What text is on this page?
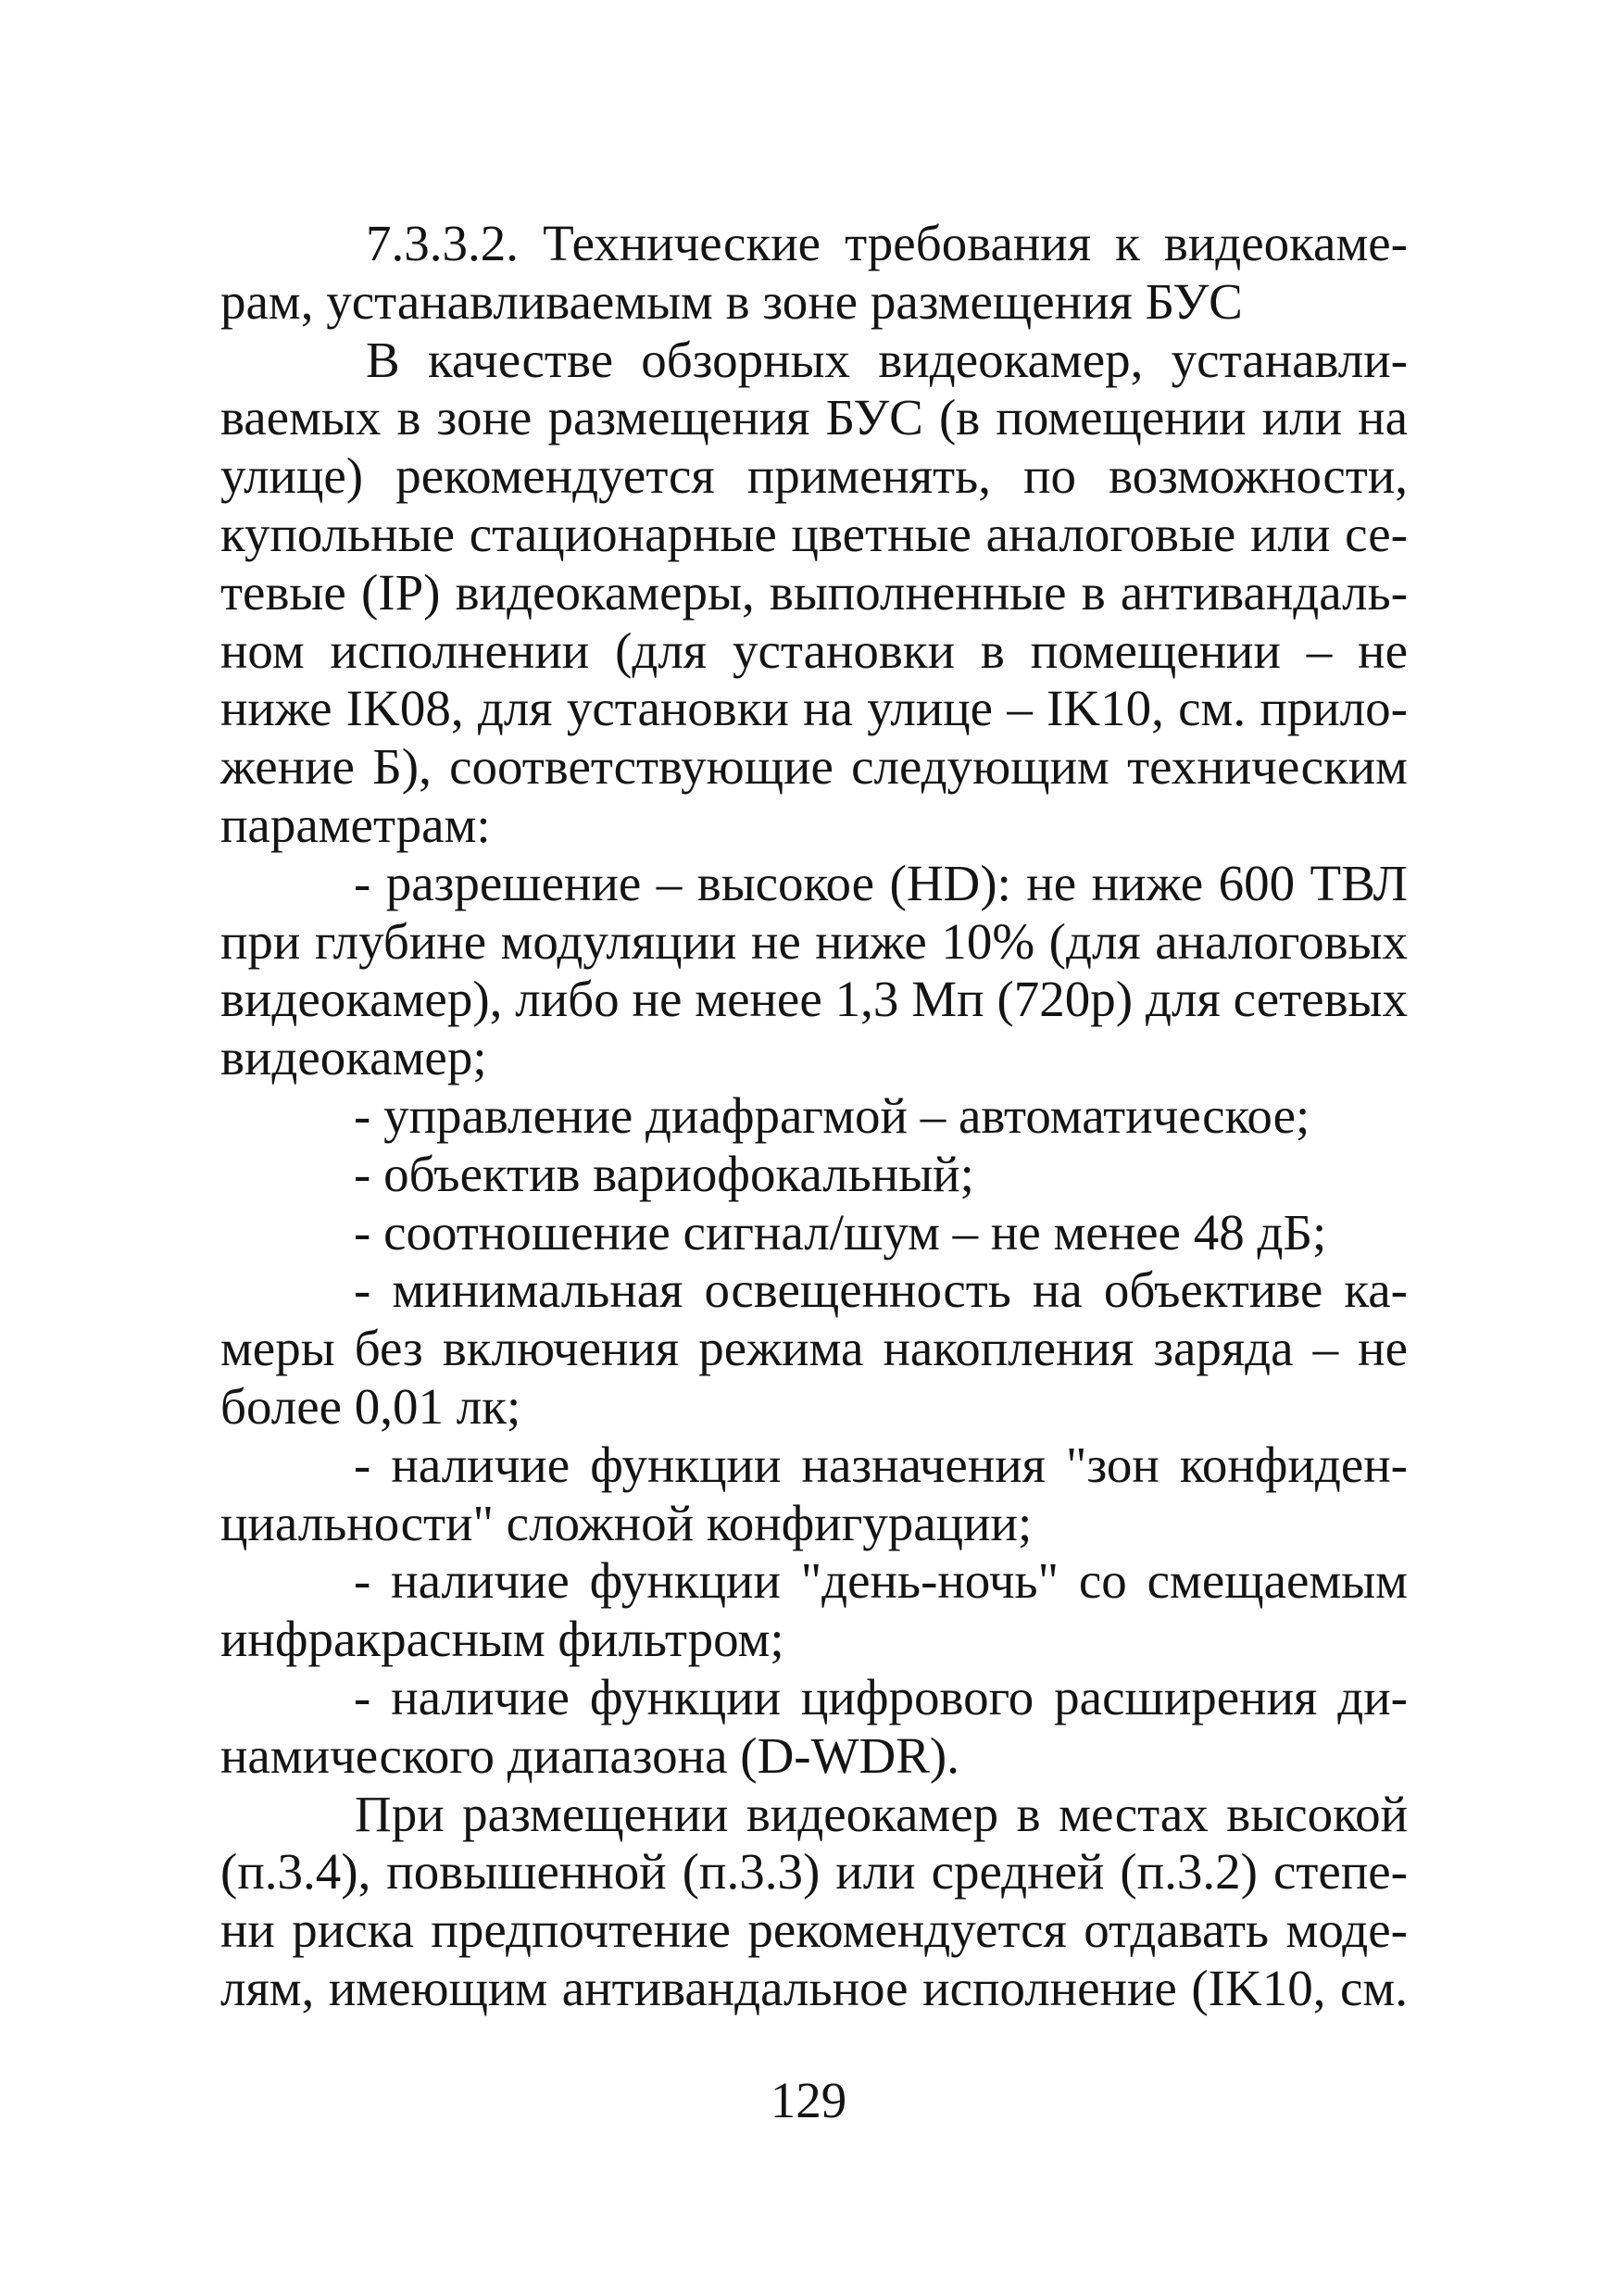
7.3.3.2. Технические требования к видеокаме-
рам, устанавливаемым в зоне размещения БУС
В качестве обзорных видеокамер, устанавли-
ваемых в зоне размещения БУС (в помещении или на
улице) рекомендуется применять, по возможности,
купольные стационарные цветные аналоговые или се-
тевые (IP) видеокамеры, выполненные в антивандаль-
ном исполнении (для установки в помещении – не
ниже IK08, для установки на улице – IK10, см. прило-
жение Б), соответствующие следующим техническим
параметрам:
- разрешение – высокое (HD): не ниже 600 ТВЛ
при глубине модуляции не ниже 10% (для аналоговых
видеокамер), либо не менее 1,3 Мп (720р) для сетевых
видеокамер;
- управление диафрагмой – автоматическое;
- объектив вариофокальный;
- соотношение сигнал/шум – не менее 48 дБ;
- минимальная освещенность на объективе ка-
меры без включения режима накопления заряда – не
более 0,01 лк;
- наличие функции назначения "зон конфиден-
циальности" сложной конфигурации;
- наличие функции "день-ночь" со смещаемым
инфракрасным фильтром;
- наличие функции цифрового расширения ди-
намического диапазона (D-WDR).
При размещении видеокамер в местах высокой
(п.3.4), повышенной (п.3.3) или средней (п.3.2) степе-
ни риска предпочтение рекомендуется отдавать моде-
лям, имеющим антивандальное исполнение (IK10, см.
129
